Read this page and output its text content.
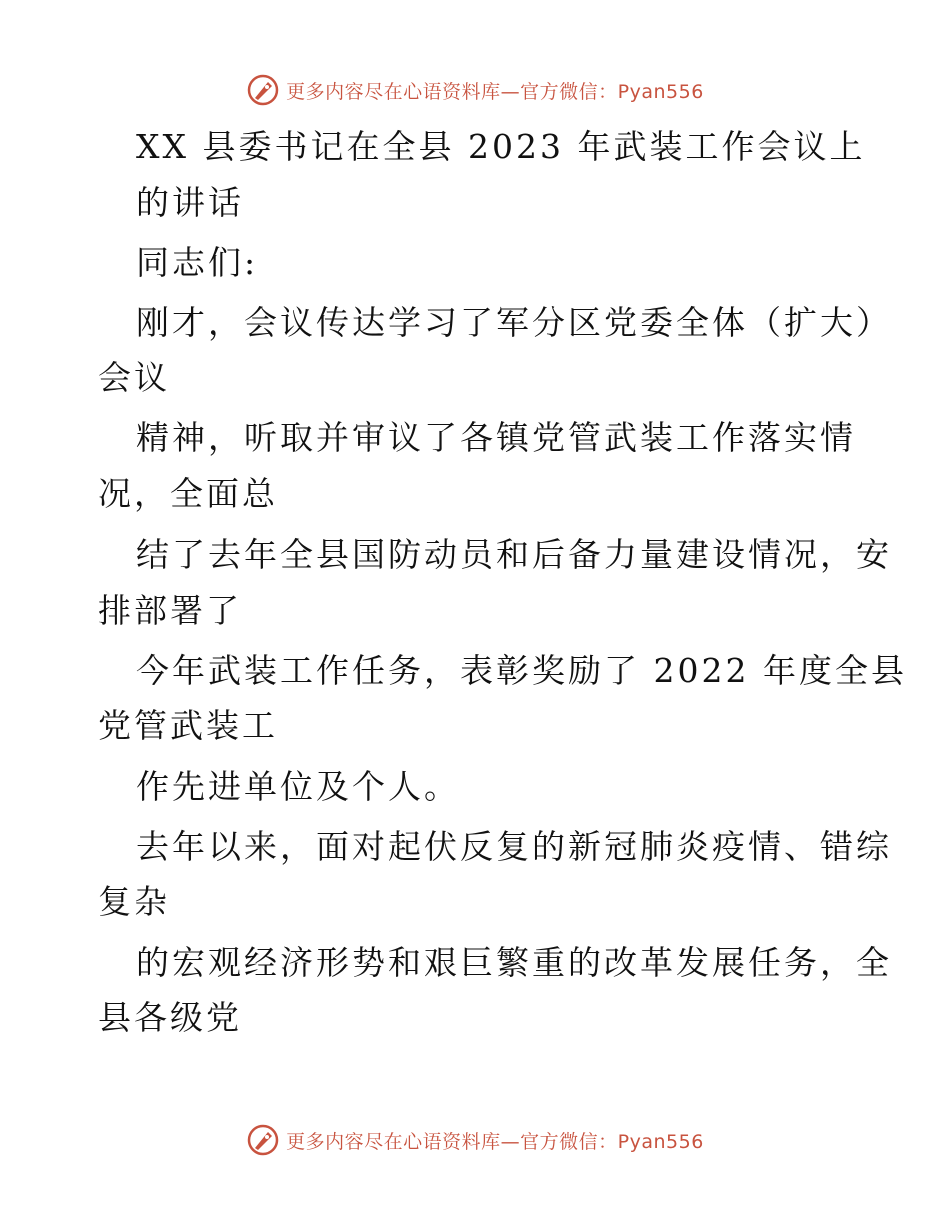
更多内容尽在心语资料库—官方微信：Pyan556
XX 县委书记在全县 2023 年武装工作会议上
的讲话
同志们:
刚才，会议传达学习了军分区党委全体（扩大）
会议
精神，听取并审议了各镇党管武装工作落实情
况，全面总
结了去年全县国防动员和后备力量建设情况，安
排部署了
今年武装工作任务，表彰奖励了 2022 年度全县
党管武装工
作先进单位及个人。
去年以来，面对起伏反复的新冠肺炎疫情、错综
复杂
的宏观经济形势和艰巨繁重的改革发展任务，全
县各级党
更多内容尽在心语资料库—官方微信：Pyan556
